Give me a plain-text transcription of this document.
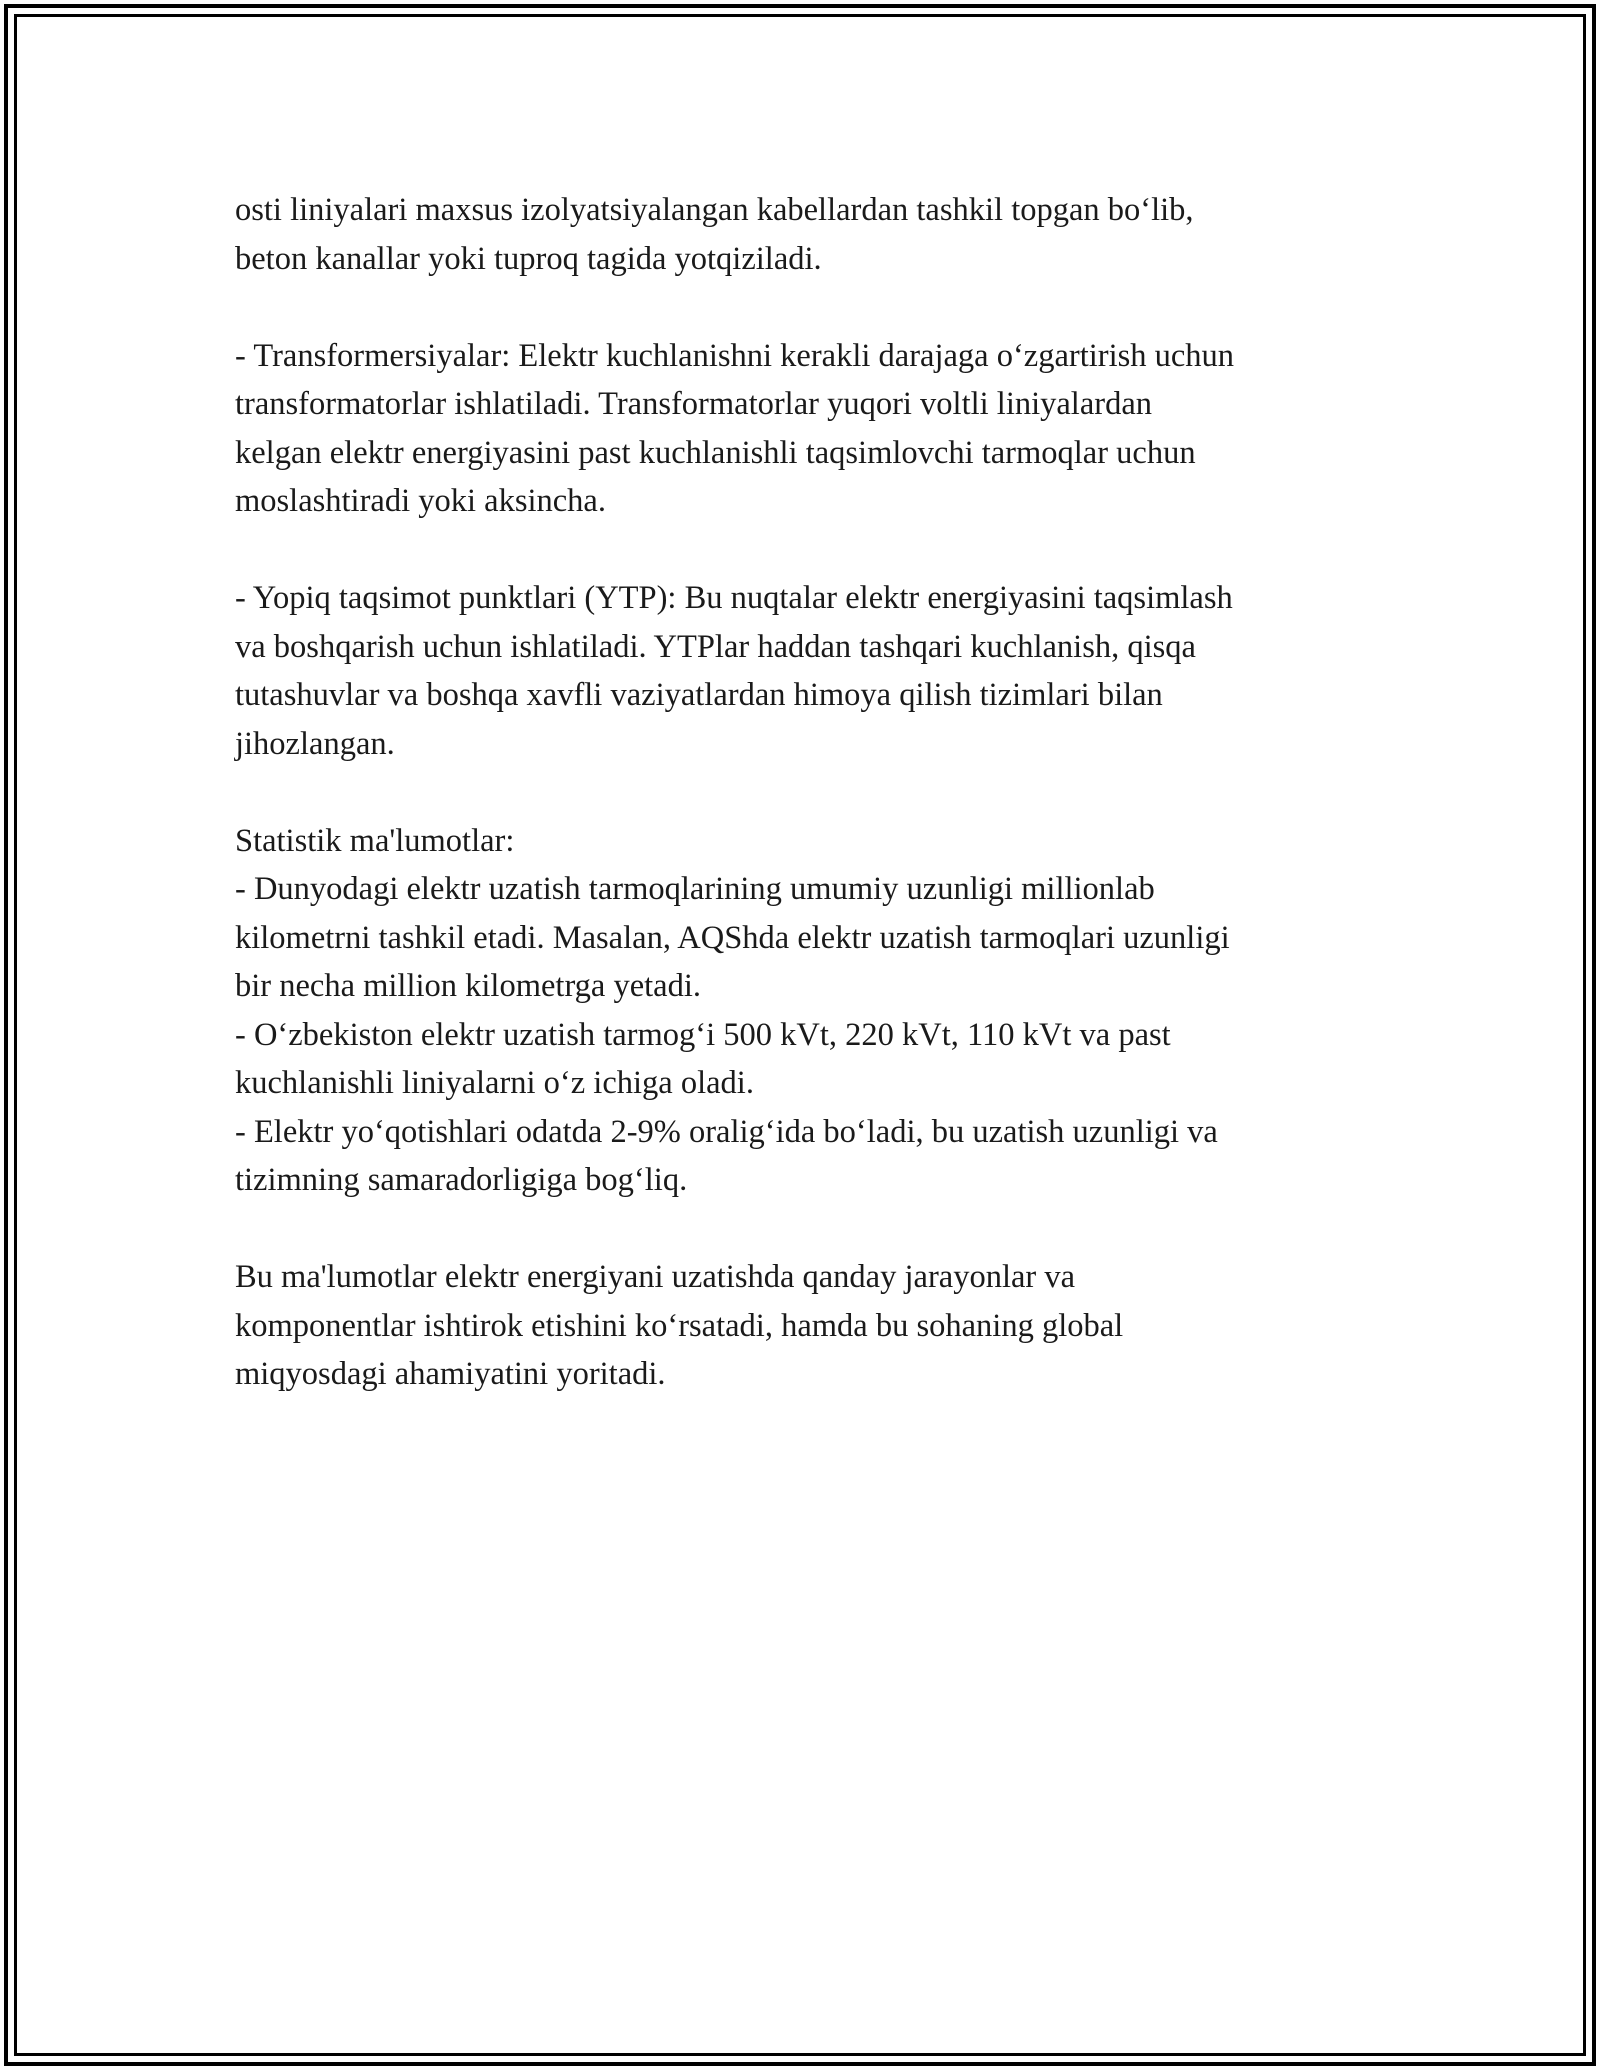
osti liniyalari maxsus izolyatsiyalangan kabellardan tashkil topgan bo‘lib,
beton kanallar yoki tuproq tagida yotqiziladi.

- Transformersiyalar: Elektr kuchlanishni kerakli darajaga o‘zgartirish uchun
transformatorlar ishlatiladi. Transformatorlar yuqori voltli liniyalardan
kelgan elektr energiyasini past kuchlanishli taqsimlovchi tarmoqlar uchun
moslashtiradi yoki aksincha.

- Yopiq taqsimot punktlari (YTP): Bu nuqtalar elektr energiyasini taqsimlash
va boshqarish uchun ishlatiladi. YTPlar haddan tashqari kuchlanish, qisqa
tutashuvlar va boshqa xavfli vaziyatlardan himoya qilish tizimlari bilan
jihozlangan.

Statistik ma'lumotlar:
- Dunyodagi elektr uzatish tarmoqlarining umumiy uzunligi millionlab
kilometrni tashkil etadi. Masalan, AQShda elektr uzatish tarmoqlari uzunligi
bir necha million kilometrga yetadi.
- O‘zbekiston elektr uzatish tarmog‘i 500 kVt, 220 kVt, 110 kVt va past
kuchlanishli liniyalarni o‘z ichiga oladi.
- Elektr yo‘qotishlari odatda 2-9% oralig‘ida bo‘ladi, bu uzatish uzunligi va
tizimning samaradorligiga bog‘liq.

Bu ma'lumotlar elektr energiyani uzatishda qanday jarayonlar va
komponentlar ishtirok etishini ko‘rsatadi, hamda bu sohaning global
miqyosdagi ahamiyatini yoritadi.
